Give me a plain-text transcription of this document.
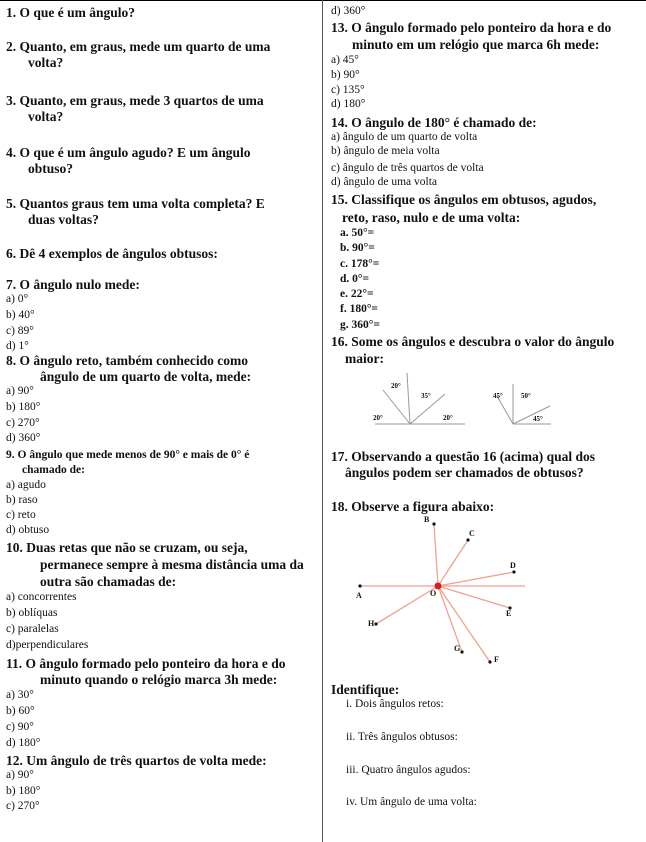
1. O que é um ângulo?
2. Quanto, em graus, mede um quarto de uma
volta?
3. Quanto, em graus, mede 3 quartos de uma
volta?
4. O que é um ângulo agudo? E um ângulo
obtuso?
5. Quantos graus tem uma volta completa? E
duas voltas?
6. Dê 4 exemplos de ângulos obtusos:
7. O ângulo nulo mede:
a) 0°
b) 40°
c) 89°
d) 1°
8. O ângulo reto, também conhecido como
ângulo de um quarto de volta, mede:
a) 90°
b) 180°
c) 270°
d) 360°
9. O ângulo que mede menos de 90° e mais de 0° é
chamado de:
a) agudo
b) raso
c) reto
d) obtuso
10. Duas retas que não se cruzam, ou seja,
permanece sempre à mesma distância uma da
outra são chamadas de:
a) concorrentes
b) oblíquas
c) paralelas
d)perpendiculares
11. O ângulo formado pelo ponteiro da hora e do
minuto quando o relógio marca 3h mede:
a) 30°
b) 60°
c) 90°
d) 180°
12. Um ângulo de três quartos de volta mede:
a) 90°
b) 180°
c) 270°
d) 360°
13. O ângulo formado pelo ponteiro da hora e do
minuto em um relógio que marca 6h mede:
a) 45°
b) 90°
c) 135°
d) 180°
14. O ângulo de 180° é chamado de:
a) ângulo de um quarto de volta
b) ângulo de meia volta
c) ângulo de três quartos de volta
d) ângulo de uma volta
15. Classifique os ângulos em obtusos, agudos,
reto, raso, nulo e de uma volta:
a. 50°=
b. 90°=
c. 178°=
d. 0°=
e. 22°=
f. 180°=
g. 360°=
16. Some os ângulos e descubra o valor do ângulo
maior:
17. Observando a questão 16 (acima) qual dos
ângulos podem ser chamados de obtusos?
18. Observe a figura abaixo:
Identifique:
i. Dois ângulos retos:
ii. Três ângulos obtusos:
iii. Quatro ângulos agudos:
iv. Um ângulo de uma volta:
20°
35°
20°	20°
45°	50°
45°
B
C
D
A	O
E
H
G
F
